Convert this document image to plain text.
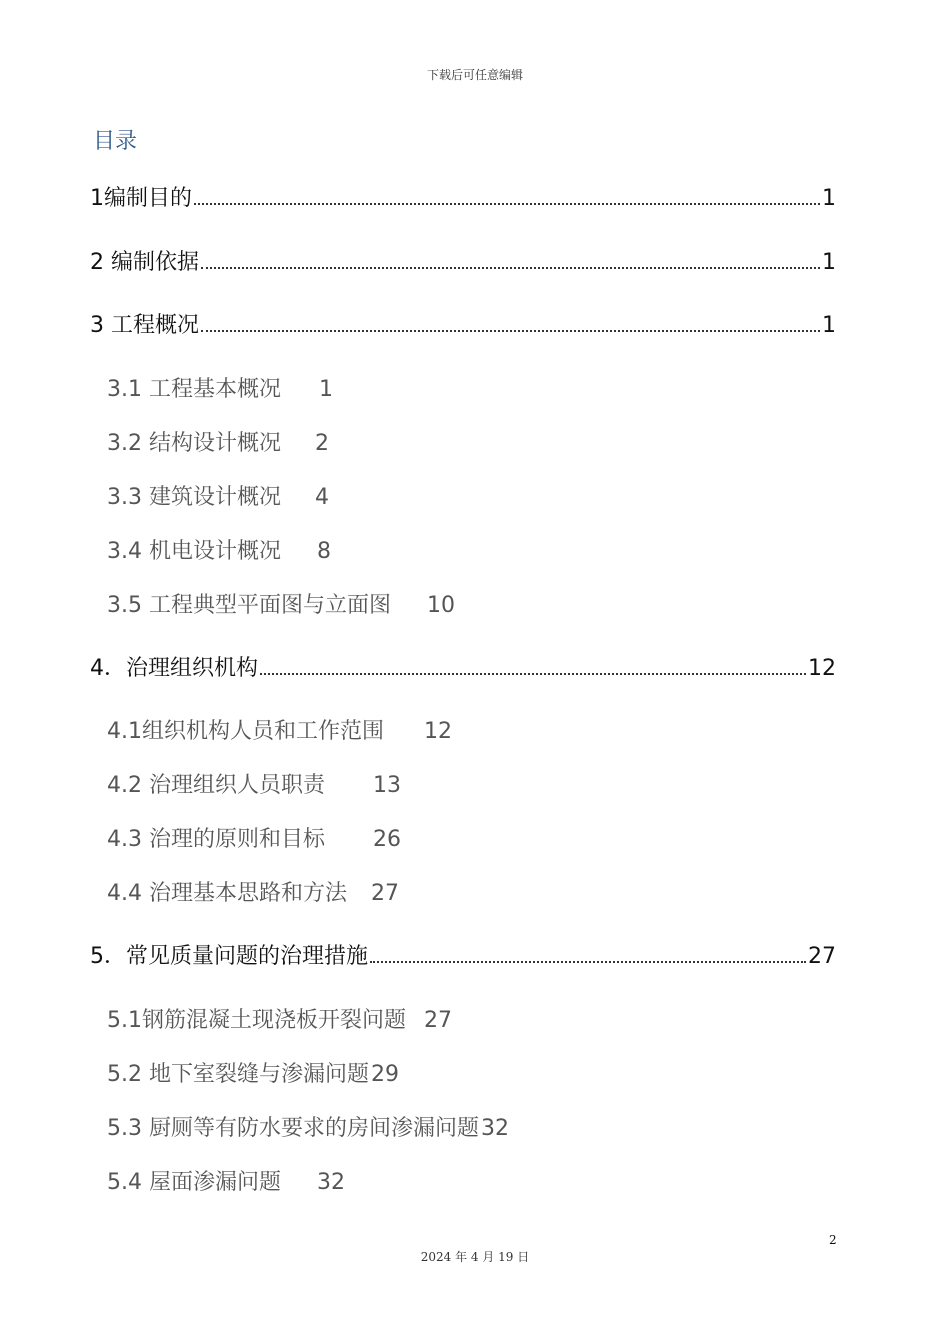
下载后可任意编辑
目录
1编制目的	1
2 编制依据	1
3 工程概况	1
3.1 工程基本概况 1
3.2 结构设计概况 2
3.3 建筑设计概况 4
3.4 机电设计概况 8
3.5 工程典型平面图与立面图 10
4．治理组织机构	12
4.1组织机构人员和工作范围 12
4.2 治理组织人员职责 13
4.3 治理的原则和目标 26
4.4 治理基本思路和方法 27
5．常见质量问题的治理措施	27
5.1钢筋混凝土现浇板开裂问题 27
5.2 地下室裂缝与渗漏问题29
5.3 厨厕等有防水要求的房间渗漏问题32
5.4 屋面渗漏问题 32
2
2024 年 4 月 19 日
